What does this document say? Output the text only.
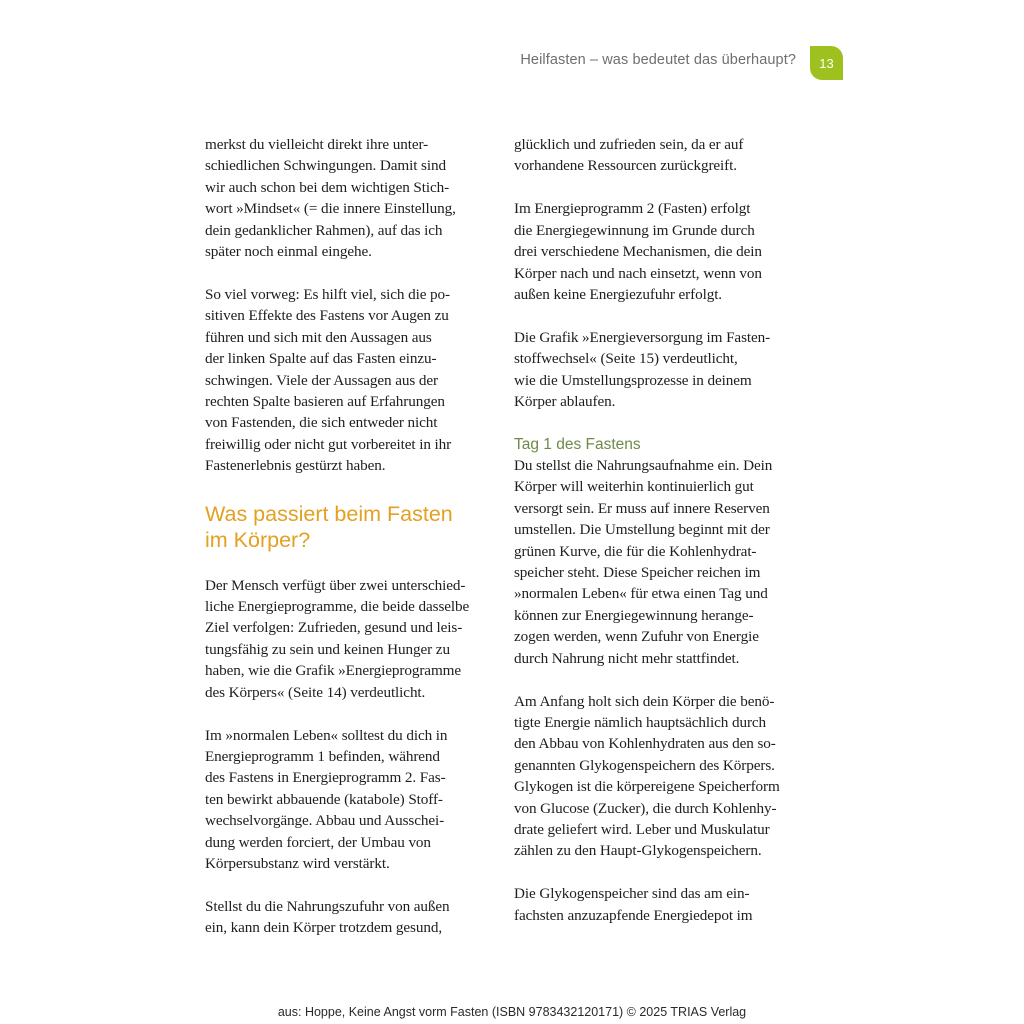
Heilfasten – was bedeutet das überhaupt?	13

merkst du vielleicht direkt ihre unter-
schiedlichen Schwingungen. Damit sind
wir auch schon bei dem wichtigen Stich-
wort »Mindset« (= die innere Einstellung,
dein gedanklicher Rahmen), auf das ich
später noch einmal eingehe.

So viel vorweg: Es hilft viel, sich die po-
sitiven Effekte des Fastens vor Augen zu
führen und sich mit den Aussagen aus
der linken Spalte auf das Fasten einzu-
schwingen. Viele der Aussagen aus der
rechten Spalte basieren auf Erfahrungen
von Fastenden, die sich entweder nicht
freiwillig oder nicht gut vorbereitet in ihr
Fastenerlebnis gestürzt haben.

Was passiert beim Fasten
im Körper?

Der Mensch verfügt über zwei unterschied-
liche Energieprogramme, die beide dasselbe
Ziel verfolgen: Zufrieden, gesund und leis-
tungsfähig zu sein und keinen Hunger zu
haben, wie die Grafik »Energieprogramme
des Körpers« (Seite 14) verdeutlicht.

Im »normalen Leben« solltest du dich in
Energieprogramm 1 befinden, während
des Fastens in Energieprogramm 2. Fas-
ten bewirkt abbauende (katabole) Stoff-
wechselvorgänge. Abbau und Ausschei-
dung werden forciert, der Umbau von
Körpersubstanz wird verstärkt.

Stellst du die Nahrungszufuhr von außen
ein, kann dein Körper trotzdem gesund,

glücklich und zufrieden sein, da er auf
vorhandene Ressourcen zurückgreift.

Im Energieprogramm 2 (Fasten) erfolgt
die Energiegewinnung im Grunde durch
drei verschiedene Mechanismen, die dein
Körper nach und nach einsetzt, wenn von
außen keine Energiezufuhr erfolgt.

Die Grafik »Energieversorgung im Fasten-
stoffwechsel« (Seite 15) verdeutlicht,
wie die Umstellungsprozesse in deinem
Körper ablaufen.

Tag 1 des Fastens

Du stellst die Nahrungsaufnahme ein. Dein
Körper will weiterhin kontinuierlich gut
versorgt sein. Er muss auf innere Reserven
umstellen. Die Umstellung beginnt mit der
grünen Kurve, die für die Kohlenhydrat-
speicher steht. Diese Speicher reichen im
»normalen Leben« für etwa einen Tag und
können zur Energiegewinnung herange-
zogen werden, wenn Zufuhr von Energie
durch Nahrung nicht mehr stattfindet.

Am Anfang holt sich dein Körper die benö-
tigte Energie nämlich hauptsächlich durch
den Abbau von Kohlenhydraten aus den so-
genannten Glykogenspeichern des Körpers.
Glykogen ist die körpereigene Speicherform
von Glucose (Zucker), die durch Kohlenhy-
drate geliefert wird. Leber und Muskulatur
zählen zu den Haupt-Glykogenspeichern.

Die Glykogenspeicher sind das am ein-
fachsten anzuzapfende Energiedepot im

aus: Hoppe, Keine Angst vorm Fasten (ISBN 9783432120171) © 2025 TRIAS Verlag
